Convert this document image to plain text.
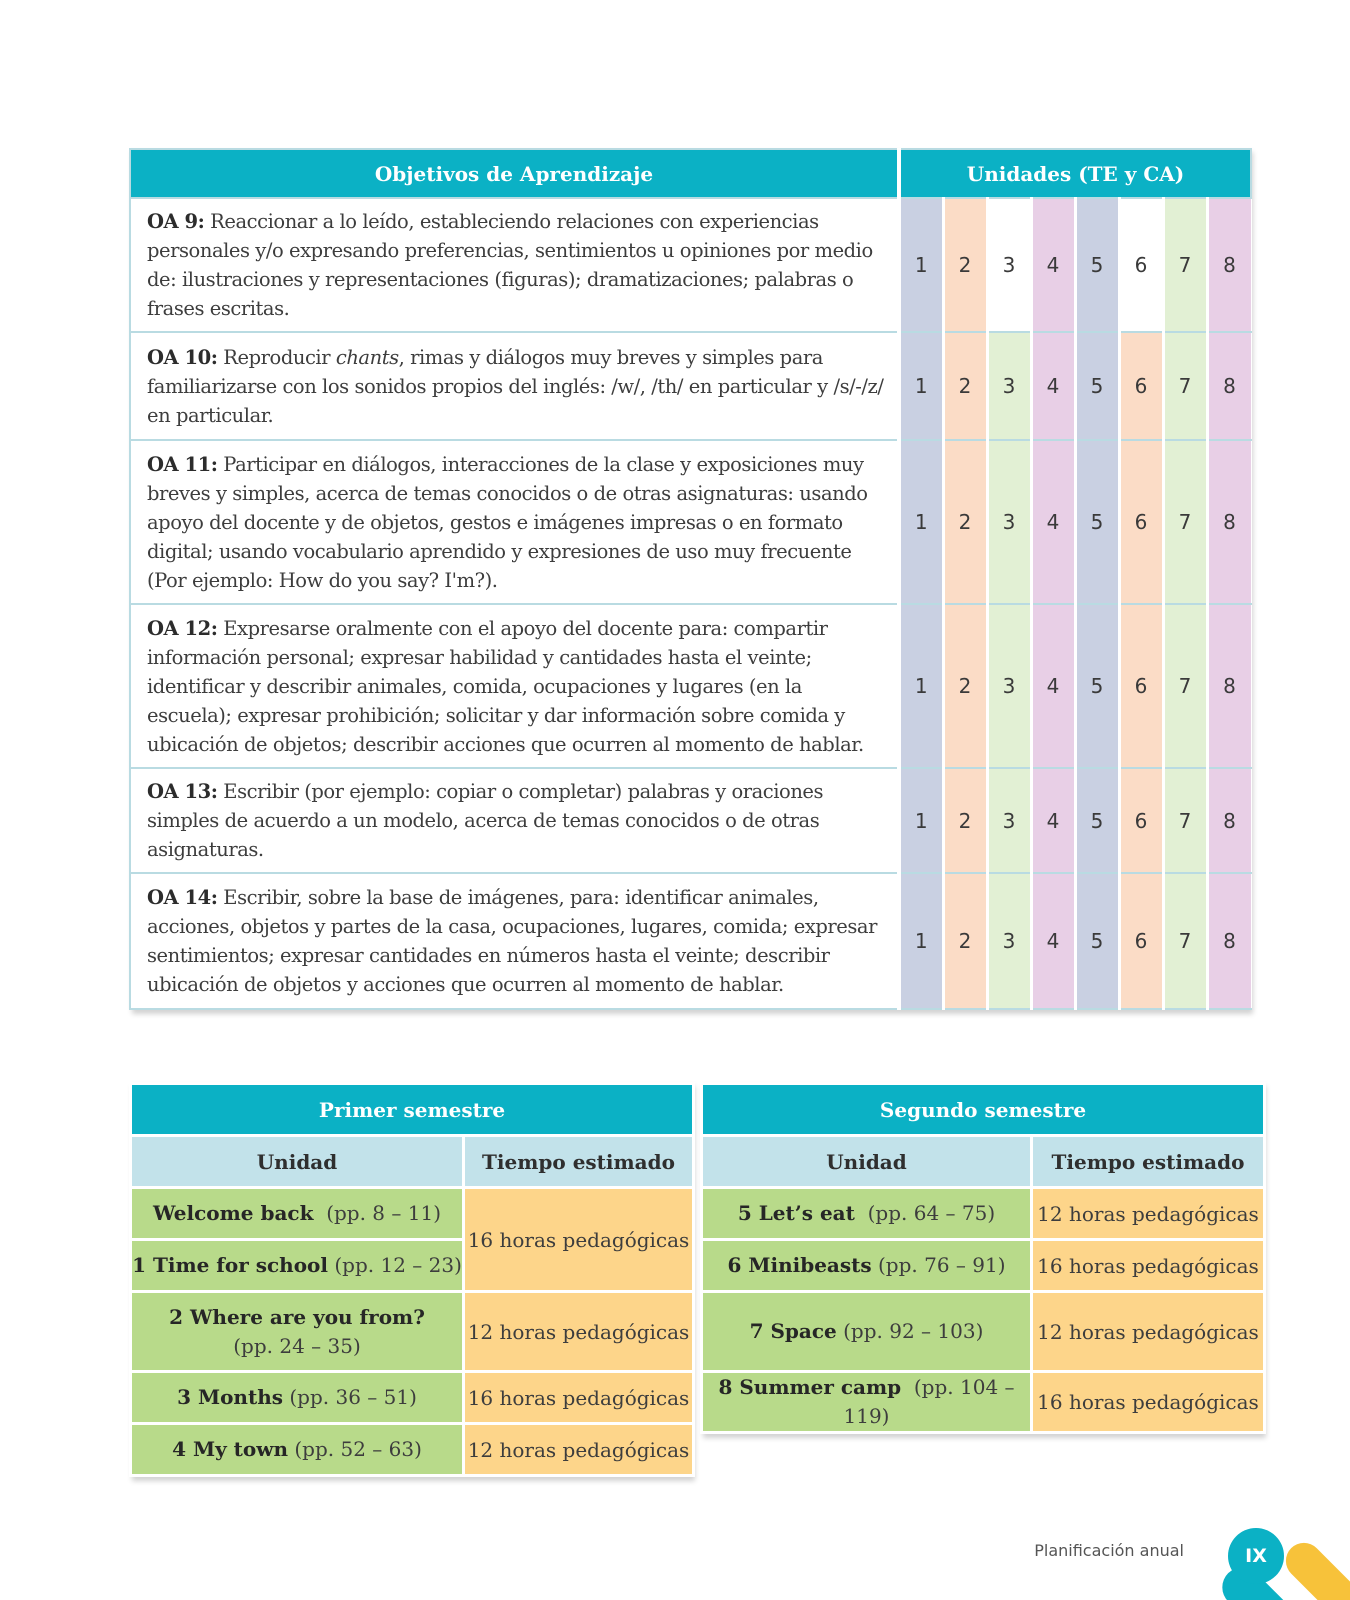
Objetivos de Aprendizaje	Unidades (TE y CA)							
OA 9: Reaccionar a lo leído, estableciendo relaciones con experiencias personales y/o expresando preferencias, sentimientos u opiniones por medio de: ilustraciones y representaciones (figuras); dramatizaciones; palabras o frases escritas.	1	2	3	4	5	6	7	8
OA 10: Reproducir chants, rimas y diálogos muy breves y simples para familiarizarse con los sonidos propios del inglés: /w/, /th/ en particular y /s/-/z/ en particular.	1	2	3	4	5	6	7	8
OA 11: Participar en diálogos, interacciones de la clase y exposiciones muy breves y simples, acerca de temas conocidos o de otras asignaturas: usando apoyo del docente y de objetos, gestos e imágenes impresas o en formato digital; usando vocabulario aprendido y expresiones de uso muy frecuente (Por ejemplo: How do you say? I'm?).	1	2	3	4	5	6	7	8
OA 12: Expresarse oralmente con el apoyo del docente para: compartir información personal; expresar habilidad y cantidades hasta el veinte; identificar y describir animales, comida, ocupaciones y lugares (en la escuela); expresar prohibición; solicitar y dar información sobre comida y ubicación de objetos; describir acciones que ocurren al momento de hablar.	1	2	3	4	5	6	7	8
OA 13: Escribir (por ejemplo: copiar o completar) palabras y oraciones simples de acuerdo a un modelo, acerca de temas conocidos o de otras asignaturas.	1	2	3	4	5	6	7	8
OA 14: Escribir, sobre la base de imágenes, para: identificar animales, acciones, objetos y partes de la casa, ocupaciones, lugares, comida; expresar sentimientos; expresar cantidades en números hasta el veinte; describir ubicación de objetos y acciones que ocurren al momento de hablar.	1	2	3	4	5	6	7	8
Primer semestre	
Unidad	Tiempo estimado
Welcome back (pp. 8 – 11)	16 horas pedagógicas
1 Time for school (pp. 12 – 23)	
2 Where are you from?
(pp. 24 – 35)	12 horas pedagógicas
3 Months (pp. 36 – 51)	16 horas pedagógicas
4 My town (pp. 52 – 63)	12 horas pedagógicas
Segundo semestre	
Unidad	Tiempo estimado
5 Let’s eat (pp. 64 – 75)	12 horas pedagógicas
6 Minibeasts (pp. 76 – 91)	16 horas pedagógicas
7 Space (pp. 92 – 103)	12 horas pedagógicas
8 Summer camp (pp. 104 – 119)	16 horas pedagógicas
Planificación anual	IX
